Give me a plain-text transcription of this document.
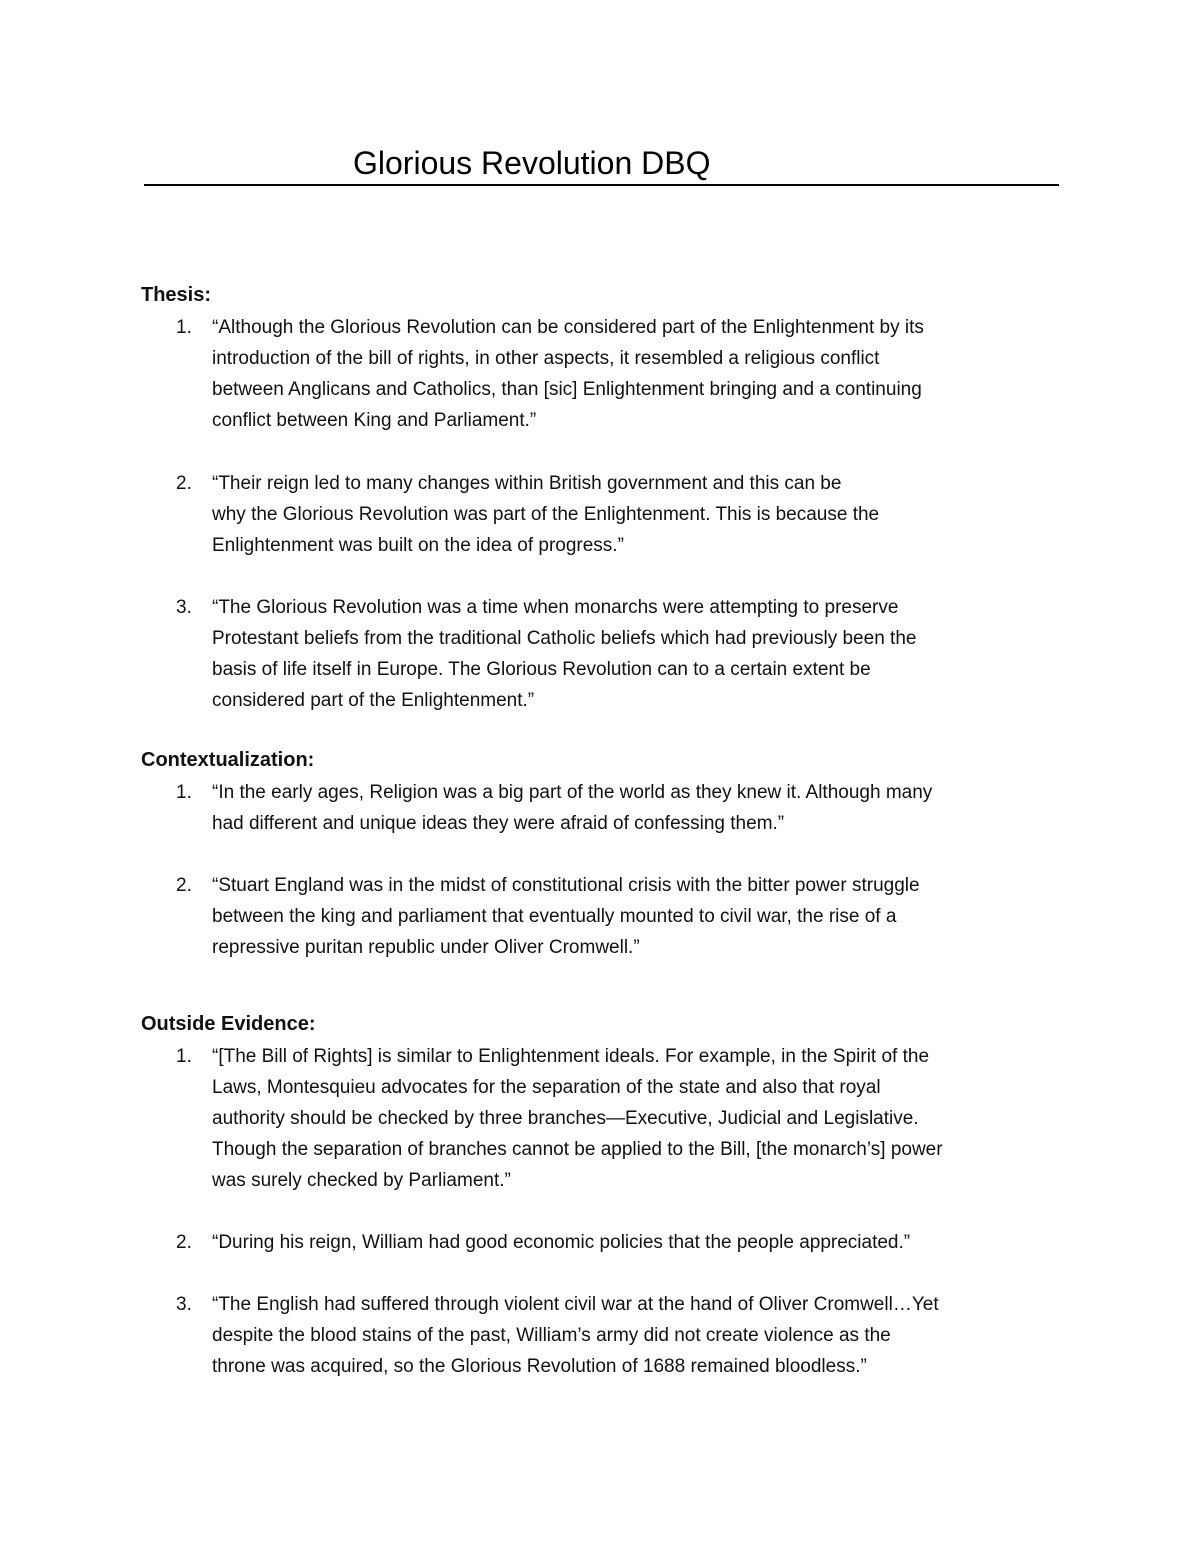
Glorious Revolution DBQ
Thesis:
1.	“Although the Glorious Revolution can be considered part of the Enlightenment by its
introduction of the bill of rights, in other aspects, it resembled a religious conflict
between Anglicans and Catholics, than [sic] Enlightenment bringing and a continuing
conflict between King and Parliament.”
2.	“Their reign led to many changes within British government and this can be
why the Glorious Revolution was part of the Enlightenment. This is because the
Enlightenment was built on the idea of progress.”
3.	“The Glorious Revolution was a time when monarchs were attempting to preserve
Protestant beliefs from the traditional Catholic beliefs which had previously been the
basis of life itself in Europe. The Glorious Revolution can to a certain extent be
considered part of the Enlightenment.”
Contextualization:
1.	“In the early ages, Religion was a big part of the world as they knew it. Although many
had different and unique ideas they were afraid of confessing them.”
2.	“Stuart England was in the midst of constitutional crisis with the bitter power struggle
between the king and parliament that eventually mounted to civil war, the rise of a
repressive puritan republic under Oliver Cromwell.”
Outside Evidence:
1.	“[The Bill of Rights] is similar to Enlightenment ideals. For example, in the Spirit of the
Laws, Montesquieu advocates for the separation of the state and also that royal
authority should be checked by three branches—Executive, Judicial and Legislative.
Though the separation of branches cannot be applied to the Bill, [the monarch’s] power
was surely checked by Parliament.”
2.	“During his reign, William had good economic policies that the people appreciated.”
3.	“The English had suffered through violent civil war at the hand of Oliver Cromwell…Yet
despite the blood stains of the past, William’s army did not create violence as the
throne was acquired, so the Glorious Revolution of 1688 remained bloodless.”
